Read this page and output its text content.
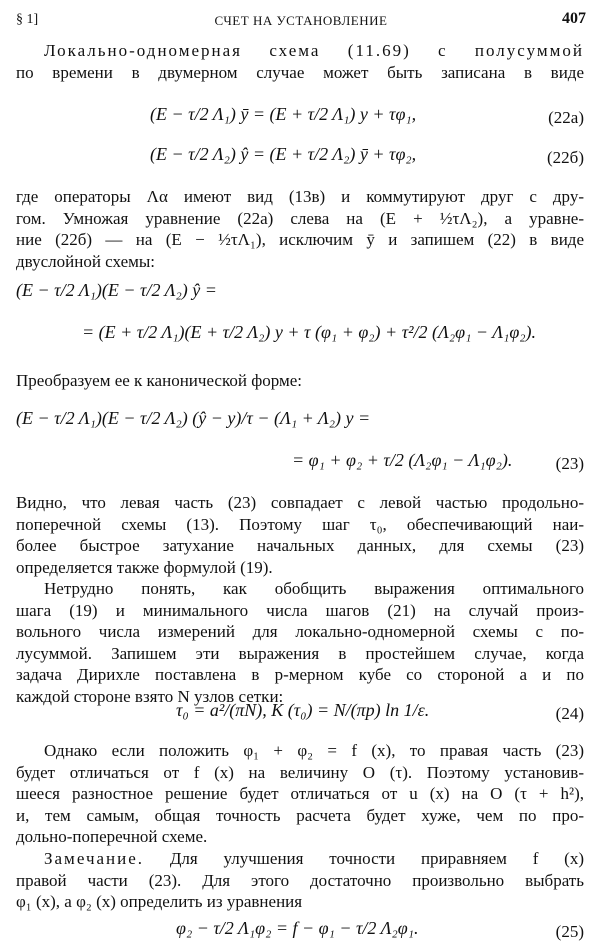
§ 1]	СЧЕТ НА УСТАНОВЛЕНИЕ	407
Локально-одномерная схема (11.69) с полусуммой
по времени в двумерном случае может быть записана в виде
(E − τ/2 Λ₁) ȳ = (E + τ/2 Λ₁) y + τφ₁,	(22а)
(E − τ/2 Λ₂) ŷ = (E + τ/2 Λ₂) ȳ + τφ₂,	(22б)
где операторы Λα имеют вид (13в) и коммутируют друг с дру-
гом. Умножая уравнение (22а) слева на (E + ½τΛ₂), а уравне-
ние (22б) — на (E − ½τΛ₁), исключим ȳ и запишем (22) в виде
двуслойной схемы:
(E − τ/2 Λ₁)(E − τ/2 Λ₂) ŷ =
= (E + τ/2 Λ₁)(E + τ/2 Λ₂) y + τ (φ₁ + φ₂) + τ²/2 (Λ₂φ₁ − Λ₁φ₂).
Преобразуем ее к канонической форме:
(E − τ/2 Λ₁)(E − τ/2 Λ₂) (ŷ − y)/τ − (Λ₁ + Λ₂) y =
= φ₁ + φ₂ + τ/2 (Λ₂φ₁ − Λ₁φ₂).	(23)
Видно, что левая часть (23) совпадает с левой частью продольно-
поперечной схемы (13). Поэтому шаг τ₀, обеспечивающий наи-
более быстрое затухание начальных данных, для схемы (23)
определяется также формулой (19).
Нетрудно понять, как обобщить выражения оптимального
шага (19) и минимального числа шагов (21) на случай произ-
вольного числа измерений для локально-одномерной схемы с по-
лусуммой. Запишем эти выражения в простейшем случае, когда
задача Дирихле поставлена в p-мерном кубе со стороной a и по
каждой стороне взято N узлов сетки:
τ₀ = a²/(πN), K (τ₀) = N/(πp) ln 1/ε.	(24)
Однако если положить φ₁ + φ₂ = f (x), то правая часть (23)
будет отличаться от f (x) на величину O (τ). Поэтому установив-
шееся разностное решение будет отличаться от u (x) на O (τ + h²),
и, тем самым, общая точность расчета будет хуже, чем по про-
дольно-поперечной схеме.
Замечание. Для улучшения точности приравняем f (x)
правой части (23). Для этого достаточно произвольно выбрать
φ₁ (x), а φ₂ (x) определить из уравнения
φ₂ − τ/2 Λ₁φ₂ = f − φ₁ − τ/2 Λ₂φ₁.	(25)
